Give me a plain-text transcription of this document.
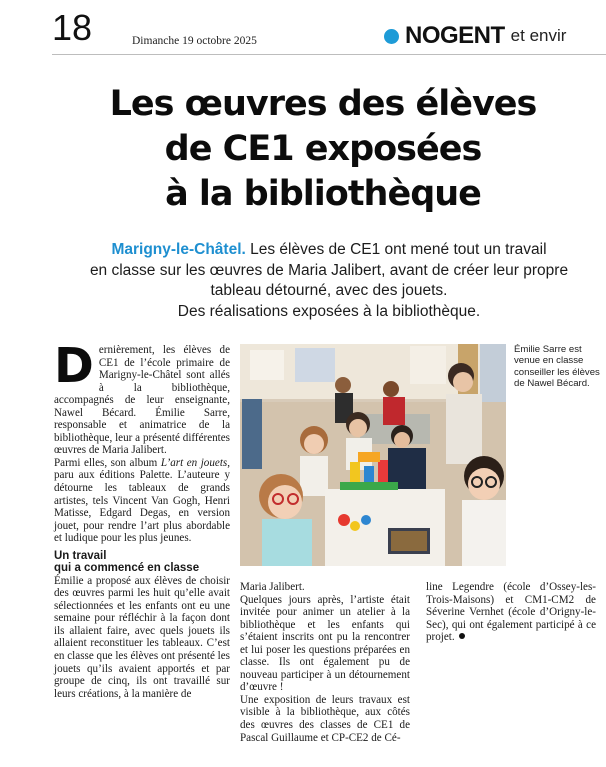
18	Dimanche 19 octobre 2025	NOGENT et envir
Les œuvres des élèves
de CE1 exposées
à la bibliothèque
Marigny-le-Châtel. Les élèves de CE1 ont mené tout un travail
en classe sur les œuvres de Maria Jalibert, avant de créer leur propre
tableau détourné, avec des jouets.
Des réalisations exposées à la bibliothèque.

Dernièrement, les élèves de CE1 de l’école primaire de Marigny-le-Châtel sont allés à la bibliothèque, accompagnés de leur enseignante, Nawel Bécard. Émilie Sarre, responsable et animatrice de la bibliothèque, leur a présenté différentes œuvres de Maria Jalibert.

Parmi elles, son album L’art en jouets, paru aux éditions Palette. L’auteure y détourne les tableaux de grands artistes, tels Vincent Van Gogh, Henri Matisse, Edgard Degas, en version jouet, pour rendre l’art plus abordable et ludique pour les plus jeunes.

Un travail
qui a commencé en classe

Émilie a proposé aux élèves de choisir des œuvres parmi les huit qu’elle avait sélectionnées et les enfants ont eu une semaine pour réfléchir à la façon dont ils allaient faire, avec quels jouets ils allaient reconstituer les tableaux. C’est en classe que les élèves ont présenté les jouets qu’ils avaient apportés et par groupe de cinq, ils ont travaillé sur leurs créations, à la manière de

Émilie Sarre est venue en classe conseiller les élèves de Nawel Bécard.

Maria Jalibert.

Quelques jours après, l’artiste était invitée pour animer un atelier à la bibliothèque et les enfants qui s’étaient inscrits ont pu la rencontrer et lui poser les questions préparées en classe. Ils ont également pu de nouveau participer à un détournement d’œuvre !

Une exposition de leurs travaux est visible à la bibliothèque, aux côtés des œuvres des classes de CE1 de Pascal Guillaume et CP-CE2 de Cé-

line Legendre (école d’Ossey-les-Trois-Maisons) et CM1-CM2 de Séverine Vernhet (école d’Origny-le-Sec), qui ont également participé à ce projet.
